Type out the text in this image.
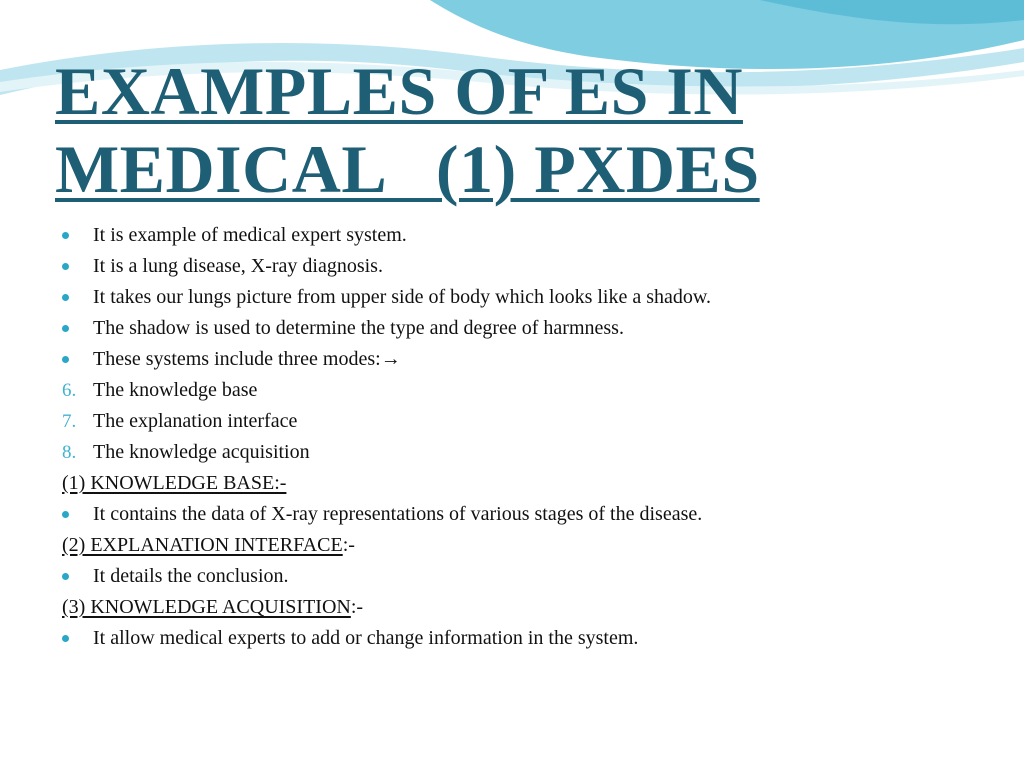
EXAMPLES OF ES IN
MEDICAL   (1) PXDES
It is example of medical expert system.
It is a lung disease, X-ray diagnosis.
It takes our lungs picture from upper side of body which looks like a shadow.
The shadow is used to determine the type and degree of harmness.
These systems include three modes:→
6. The knowledge base
7. The explanation interface
8. The knowledge acquisition
(1) KNOWLEDGE BASE:-
It contains the data of X-ray representations of various stages of the disease.
(2) EXPLANATION INTERFACE:-
It details the conclusion.
(3) KNOWLEDGE ACQUISITION:-
It allow medical experts to add or change information in the system.
